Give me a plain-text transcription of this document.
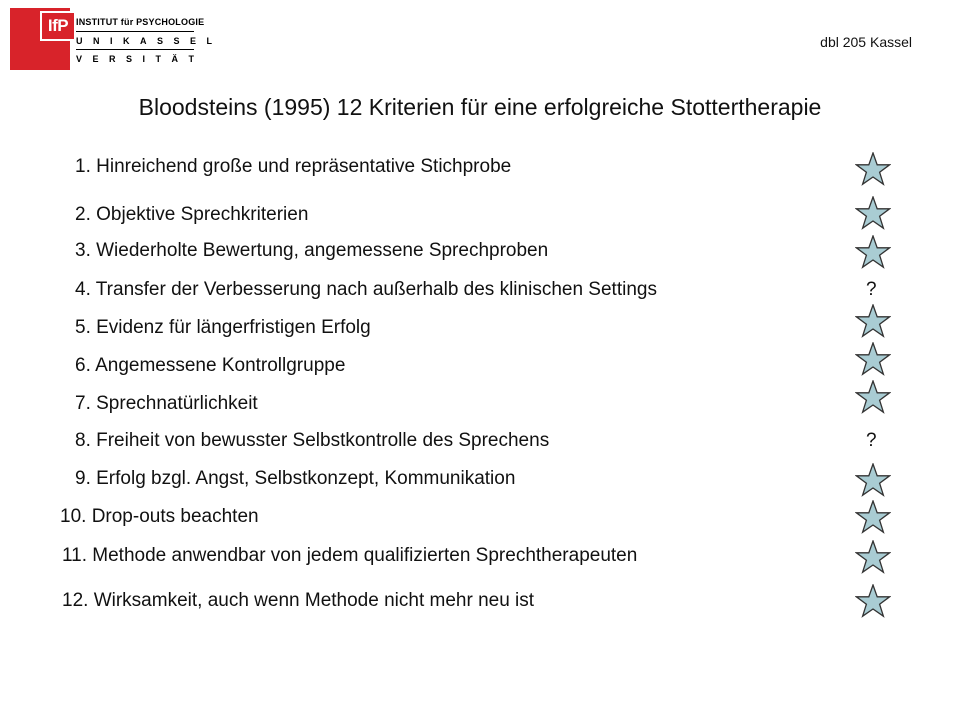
IfP INSTITUT für PSYCHOLOGIE
UNIKASSEL
VERSITÄT
dbl 205 Kassel
Bloodsteins (1995) 12 Kriterien für eine erfolgreiche Stottertherapie
1. Hinreichend große und repräsentative Stichprobe
2. Objektive Sprechkriterien
3. Wiederholte Bewertung, angemessene Sprechproben
4. Transfer der Verbesserung nach außerhalb des klinischen Settings
5. Evidenz für längerfristigen Erfolg
6. Angemessene Kontrollgruppe
7. Sprechnatürlichkeit
8. Freiheit von bewusster Selbstkontrolle des Sprechens
9. Erfolg bzgl. Angst, Selbstkonzept, Kommunikation
10. Drop-outs beachten
11. Methode anwendbar von jedem qualifizierten Sprechtherapeuten
12. Wirksamkeit, auch wenn Methode nicht mehr neu ist
?
?
